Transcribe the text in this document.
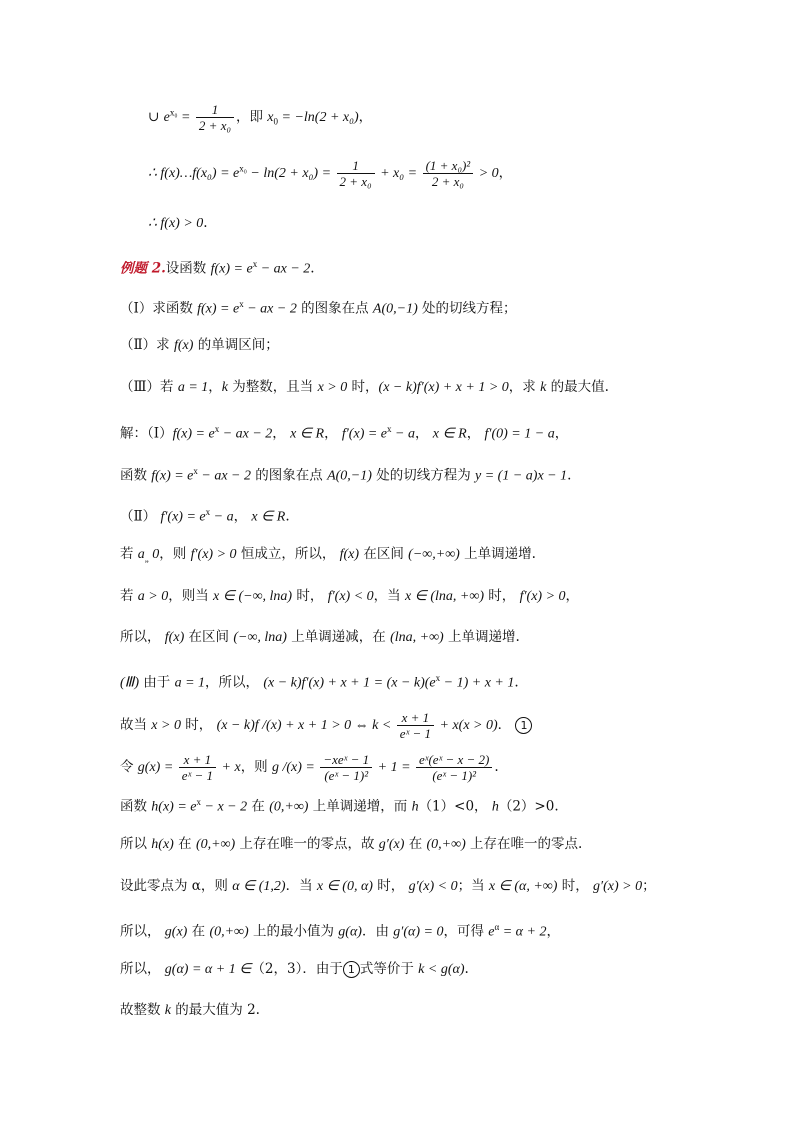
∪ $e^{x_0} = \frac{1}{\text{2 + x₀}}$ ，即 $x_0 = -\ln(2 + x_0)$，
∴ f(x)…f(x₀) = $e^{x_0} - \ln(2 + x_0) = \frac{1}{\text{2 + x₀}} + x_0 = \frac{\text{(1 + x₀)²}}{\text{2 + x₀}} > 0$，
∴ f(x) > 0.
例题 2.设函数 $f(x) = e^x$ − ax − 2.
（Ⅰ）求函数 $f(x) = e^x$ − ax − 2 的图象在点 A(0,−1) 处的切线方程；
（Ⅱ）求 f(x) 的单调区间；
（Ⅲ）若 a = 1，k 为整数，且当 x > 0 时，(x − k)f′(x) + x + 1 > 0，求 k 的最大值.
解：（Ⅰ）f(x) = $e^x$ − ax − 2， x ∈ R， $f'(x) = e^x - a$， x ∈ R， f′(0) = 1 − a，
函数 $f(x) = e^x$ − ax − 2 的图象在点 A(0,−1) 处的切线方程为 y = (1 − a)x − 1.
（Ⅱ） $f'(x) = e^x - a$， x ∈ R.
若 $a_„$ 0，则 f′(x) > 0 恒成立，所以， f(x) 在区间 (−∞,+∞) 上单调递增.
若 a > 0，则当 x ∈ (−∞, lna) 时， f′(x) < 0，当 x ∈ (lna, +∞) 时， f′(x) > 0，
所以， f(x) 在区间 (−∞, lna) 上单调递减，在 (lna, +∞) 上单调递增.
(Ⅲ) 由于 a = 1，所以， $(x - k)f'(x) + x + 1 = (x - k)(e^x - 1) + x + 1$.
故当 x > 0 时， (x − k)f /(x) + x + 1 > 0 ⇔ $k < \frac{x + 1}{\text{eˣ − 1}} + x(x > 0)$． 1
令 $g(x) = \frac{x + 1}{\text{eˣ − 1}} + x$，则 g $/(x) = \frac{\text{−xeˣ − 1}}{\text{(eˣ − 1)²}} + 1 = \frac{\text{eˣ(eˣ − x − 2)}}{\text{(eˣ − 1)²}}$ .
函数 $h(x) = e^x - x - 2$ 在 (0,+∞) 上单调递增，而 h（1）<0， h（2）>0.
所以 h(x) 在 (0,+∞) 上存在唯一的零点，故 g′(x) 在 (0,+∞) 上存在唯一的零点.
设此零点为 α，则 α ∈ (1,2)．当 x ∈ (0, α) 时， g′(x) < 0；当 x ∈ (α, +∞) 时， g′(x) > 0；
所以， g(x) 在 (0,+∞) 上的最小值为 g(α)．由 g′(α) = 0，可得 $e^\alpha = \alpha + 2$，
所以， g(α) = α + 1 ∈（2，3）．由于 1 式等价于 k < g(α).
故整数 k 的最大值为 2.
